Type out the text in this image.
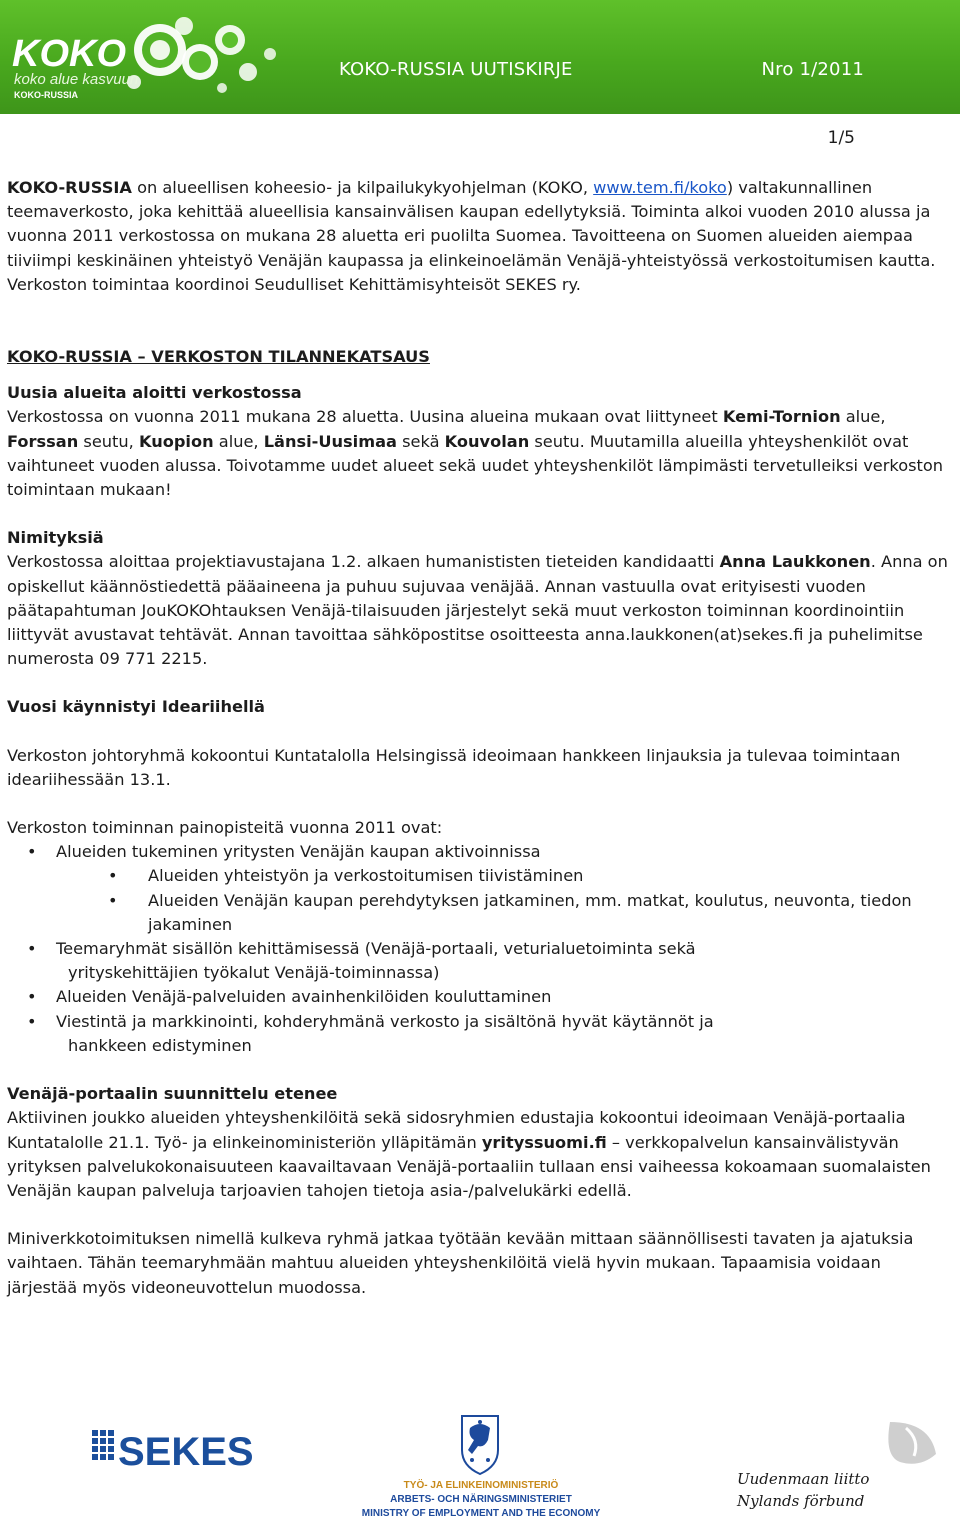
KOKO
koko alue kasvuun
KOKO-RUSSIA
KOKO-RUSSIA UUTISKIRJE	Nro 1/2011
1/5

KOKO-RUSSIA on alueellisen koheesio- ja kilpailukykyohjelman (KOKO, www.tem.fi/koko) valtakunnallinen teemaverkosto, joka kehittää alueellisia kansainvälisen kaupan edellytyksiä. Toiminta alkoi vuoden 2010 alussa ja vuonna 2011 verkostossa on mukana 28 aluetta eri puolilta Suomea. Tavoitteena on Suomen alueiden aiempaa tiiviimpi keskinäinen yhteistyö Venäjän kaupassa ja elinkeinoelämän Venäjä-yhteistyössä verkostoitumisen kautta. Verkoston toimintaa koordinoi Seudulliset Kehittämisyhteisöt SEKES ry.

KOKO-RUSSIA – VERKOSTON TILANNEKATSAUS

Uusia alueita aloitti verkostossa

Verkostossa on vuonna 2011 mukana 28 aluetta. Uusina alueina mukaan ovat liittyneet Kemi-Tornion alue, Forssan seutu, Kuopion alue, Länsi-Uusimaa sekä Kouvolan seutu. Muutamilla alueilla yhteyshenkilöt ovat vaihtuneet vuoden alussa. Toivotamme uudet alueet sekä uudet yhteyshenkilöt lämpimästi tervetulleiksi verkoston toimintaan mukaan!

Nimityksiä

Verkostossa aloittaa projektiavustajana 1.2. alkaen humanististen tieteiden kandidaatti Anna Laukkonen. Anna on opiskellut käännöstiedettä pääaineena ja puhuu sujuvaa venäjää. Annan vastuulla ovat erityisesti vuoden päätapahtuman JouKOKOhtauksen Venäjä-tilaisuuden järjestelyt sekä muut verkoston toiminnan koordinointiin liittyvät avustavat tehtävät. Annan tavoittaa sähköpostitse osoitteesta anna.laukkonen(at)sekes.fi ja puhelimitse numerosta 09 771 2215.

Vuosi käynnistyi Ideariihellä

Verkoston johtoryhmä kokoontui Kuntatalolla Helsingissä ideoimaan hankkeen linjauksia ja tulevaa toimintaan ideariihessään 13.1.

Verkoston toiminnan painopisteitä vuonna 2011 ovat:

•	Alueiden tukeminen yritysten Venäjän kaupan aktivoinnissa
•	Alueiden yhteistyön ja verkostoitumisen tiivistäminen
•	Alueiden Venäjän kaupan perehdytyksen jatkaminen, mm. matkat, koulutus, neuvonta, tiedon jakaminen
•	Teemaryhmät sisällön kehittämisessä (Venäjä-portaali, veturialuetoiminta sekä
yrityskehittäjien työkalut Venäjä-toiminnassa)
•	Alueiden Venäjä-palveluiden avainhenkilöiden kouluttaminen
•	Viestintä ja markkinointi, kohderyhmänä verkosto ja sisältönä hyvät käytännöt ja
hankkeen edistyminen

Venäjä-portaalin suunnittelu etenee

Aktiivinen joukko alueiden yhteyshenkilöitä sekä sidosryhmien edustajia kokoontui ideoimaan Venäjä-portaalia Kuntatalolle 21.1. Työ- ja elinkeinoministeriön ylläpitämän yrityssuomi.fi – verkkopalvelun kansainvälistyvän yrityksen palvelukokonaisuuteen kaavailtavaan Venäjä-portaaliin tullaan ensi vaiheessa kokoamaan suomalaisten Venäjän kaupan palveluja tarjoavien tahojen tietoja asia-/palvelukärki edellä.

Miniverkkotoimituksen nimellä kulkeva ryhmä jatkaa työtään kevään mittaan säännöllisesti tavaten ja ajatuksia vaihtaen. Tähän teemaryhmään mahtuu alueiden yhteyshenkilöitä vielä hyvin mukaan. Tapaamisia voidaan järjestää myös videoneuvottelun muodossa.

SEKES
TYÖ- JA ELINKEINOMINISTERIÖ
ARBETS- OCH NÄRINGSMINISTERIET
MINISTRY OF EMPLOYMENT AND THE ECONOMY
Uudenmaan liitto
Nylands förbund
